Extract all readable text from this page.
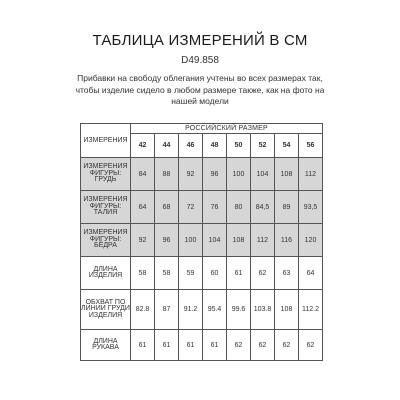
ТАБЛИЦА ИЗМЕРЕНИЙ В СМ
D49.858
Прибавки на свободу облегания учтены во всех размерах так, чтобы изделие сидело в любом размере также, как на фото на нашей модели
ИЗМЕРЕНИЯ	РОССИЙСКИЙ РАЗМЕР							
	42	44	46	48	50	52	54	56
ИЗМЕРЕНИЯ ФИГУРЫ: ГРУДЬ	84	88	92	96	100	104	108	112
ИЗМЕРЕНИЯ ФИГУРЫ: ТАЛИЯ	64	68	72	76	80	84,5	89	93,5
ИЗМЕРЕНИЯ ФИГУРЫ: БЁДРА	92	96	100	104	108	112	116	120
ДЛИНА ИЗДЕЛИЯ	58	58	59	60	61	62	63	64
ОБХВАТ ПО ЛИНИИ ГРУДИ ИЗДЕЛИЯ	82.8	87	91.2	95.4	99.6	103.8	108	112.2
ДЛИНА РУКАВА	61	61	61	61	62	62	62	62
